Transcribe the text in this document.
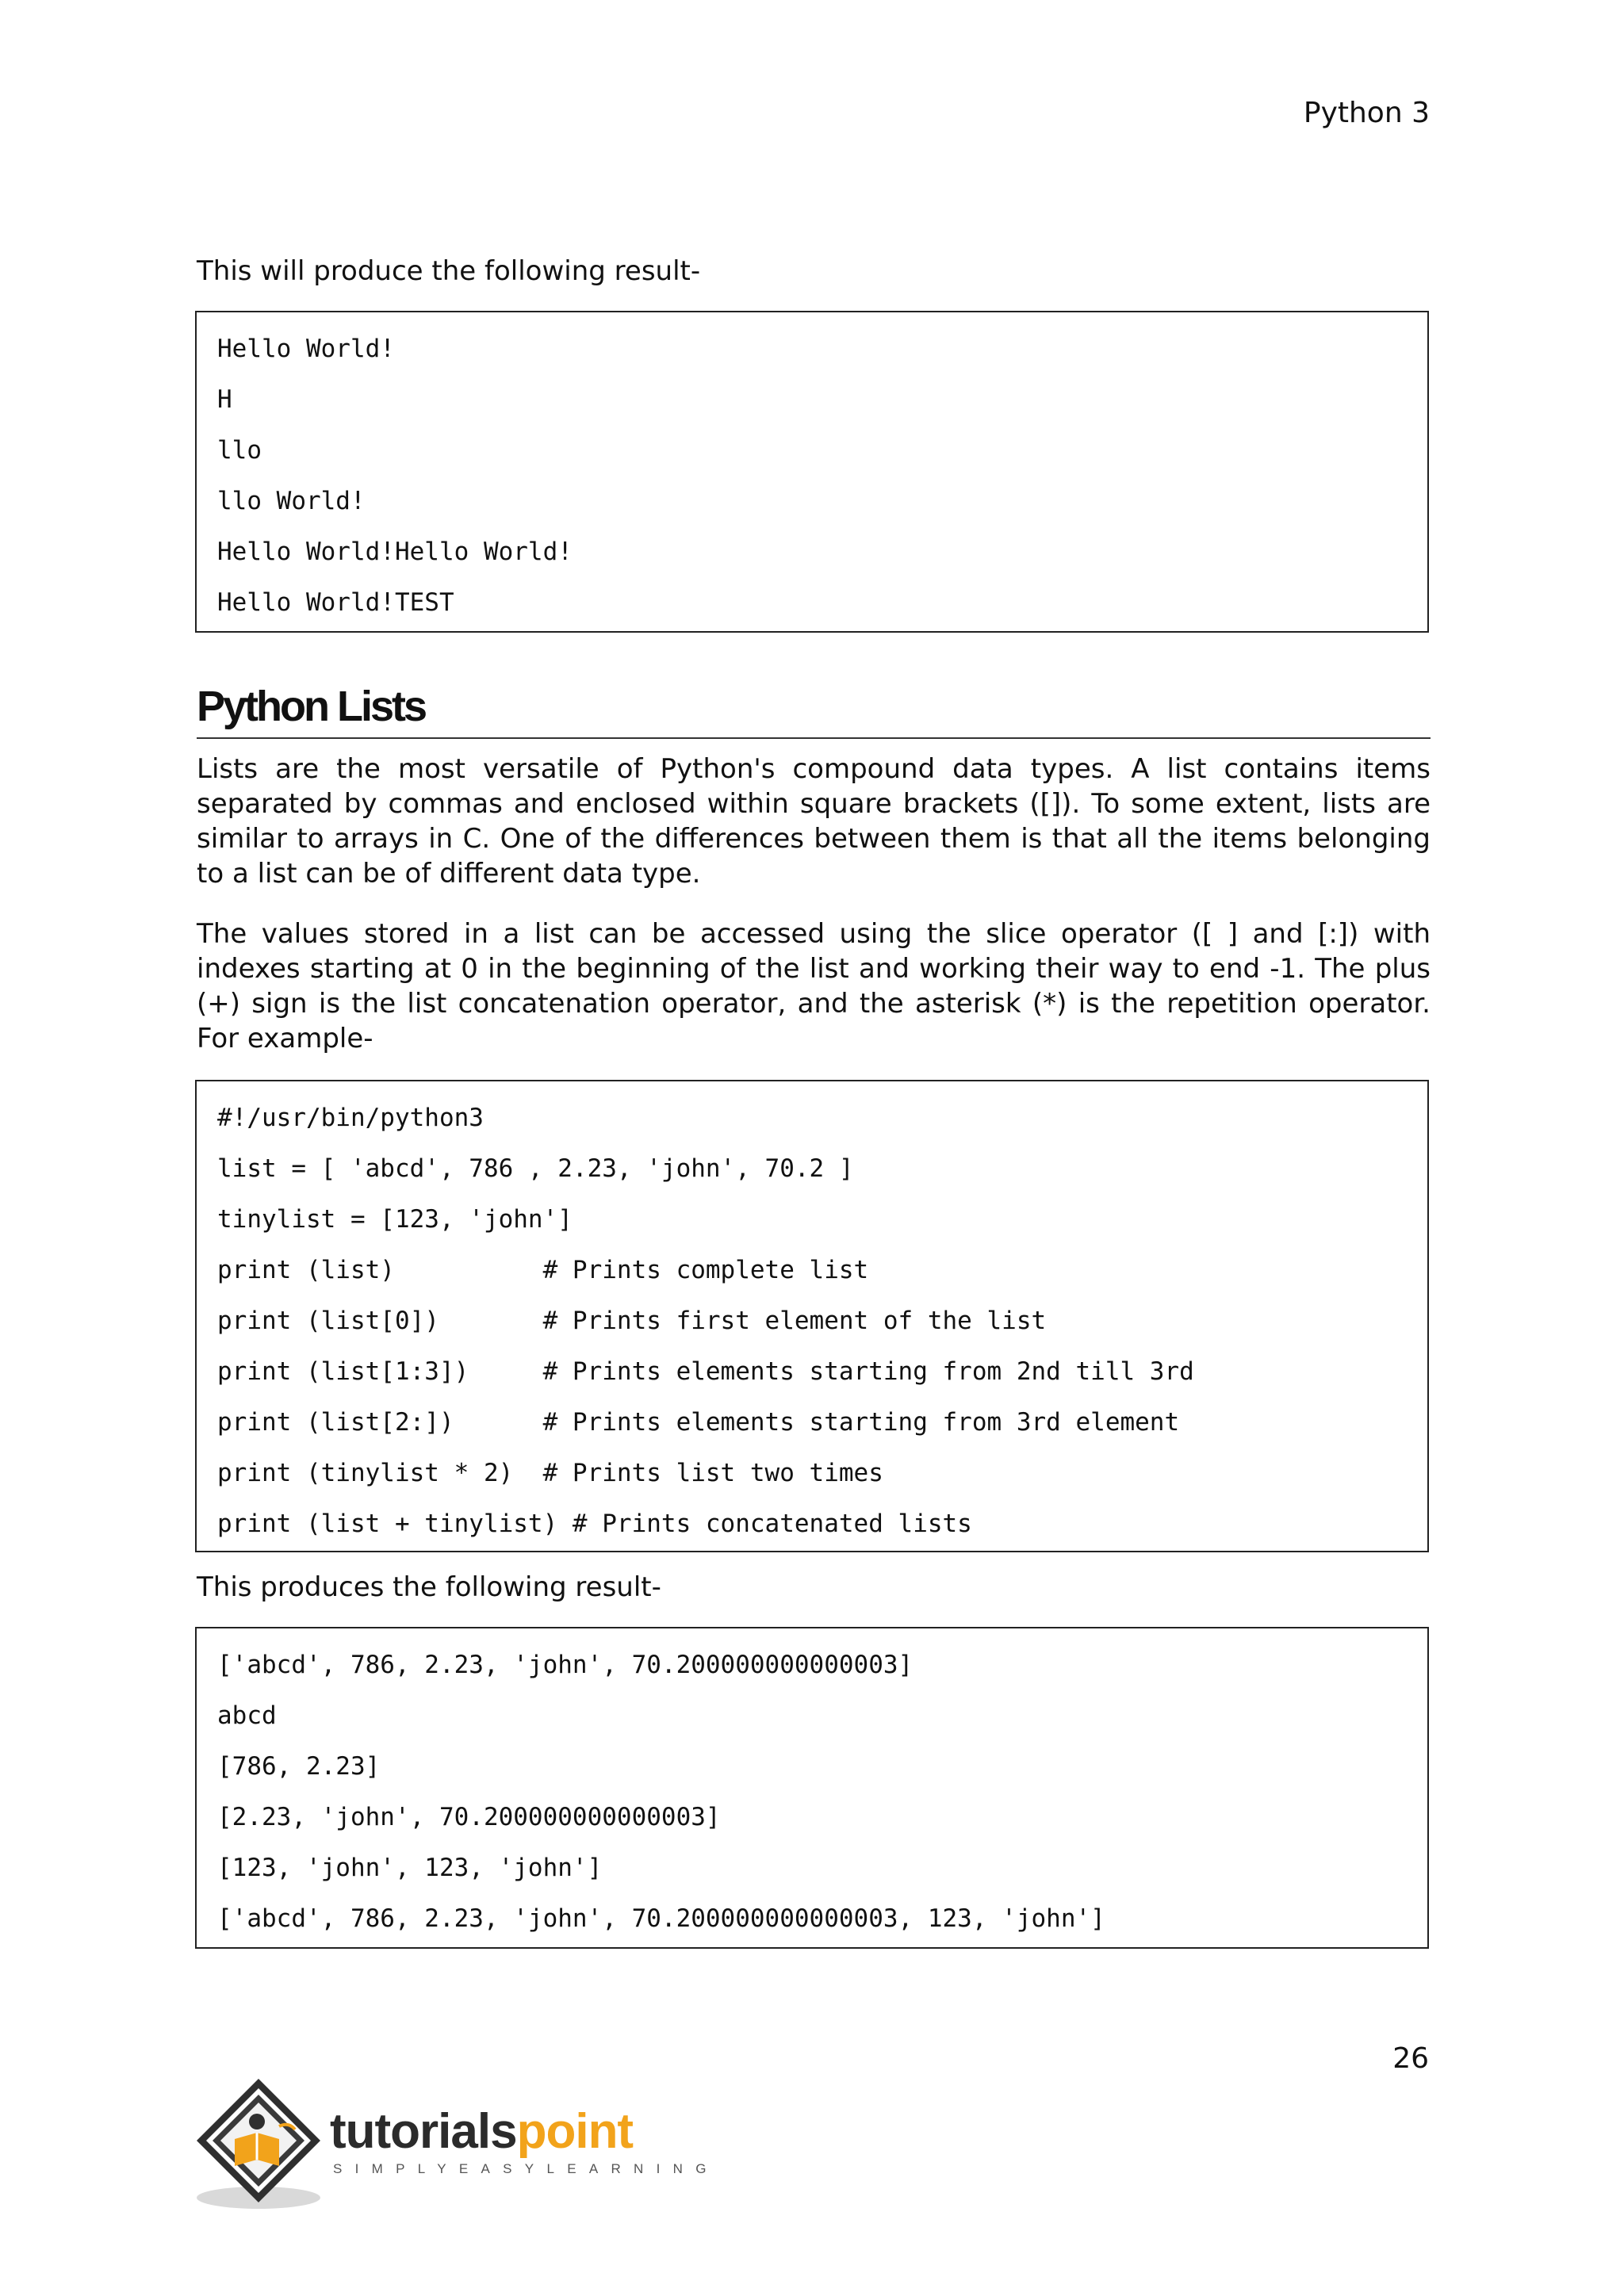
Python 3

This will produce the following result-

Hello World!
H
llo
llo World!
Hello World!Hello World!
Hello World!TEST
Python Lists

Lists are the most versatile of Python's compound data types. A list contains items separated by commas and enclosed within square brackets ([]). To some extent, lists are similar to arrays in C. One of the differences between them is that all the items belonging to a list can be of different data type.

The values stored in a list can be accessed using the slice operator ([ ] and [:]) with indexes starting at 0 in the beginning of the list and working their way to end -1. The plus (+) sign is the list concatenation operator, and the asterisk (*) is the repetition operator. For example-

#!/usr/bin/python3
list = [ 'abcd', 786 , 2.23, 'john', 70.2 ]
tinylist = [123, 'john']
print (list)          # Prints complete list
print (list[0])       # Prints first element of the list
print (list[1:3])     # Prints elements starting from 2nd till 3rd
print (list[2:])      # Prints elements starting from 3rd element
print (tinylist * 2)  # Prints list two times
print (list + tinylist) # Prints concatenated lists

This produces the following result-

['abcd', 786, 2.23, 'john', 70.200000000000003]
abcd
[786, 2.23]
[2.23, 'john', 70.200000000000003]
[123, 'john', 123, 'john']
['abcd', 786, 2.23, 'john', 70.200000000000003, 123, 'john']
26
tutorialspoint
SIMPLYEASYLEARNING
